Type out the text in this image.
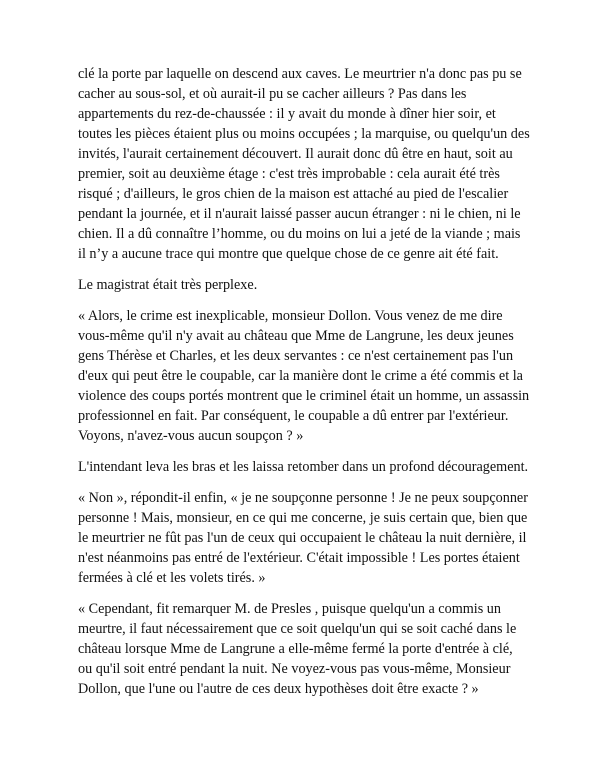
clé la porte par laquelle on descend aux caves. Le meurtrier n'a donc pas pu se cacher au sous-sol, et où aurait-il pu se cacher ailleurs ? Pas dans les appartements du rez-de-chaussée : il y avait du monde à dîner hier soir, et toutes les pièces étaient plus ou moins occupées ; la marquise, ou quelqu'un des invités, l'aurait certainement découvert. Il aurait donc dû être en haut, soit au premier, soit au deuxième étage : c'est très improbable : cela aurait été très risqué ; d'ailleurs, le gros chien de la maison est attaché au pied de l'escalier pendant la journée, et il n'aurait laissé passer aucun étranger : ni le chien, ni le chien. Il a dû connaître l’homme, ou du moins on lui a jeté de la viande ; mais il n’y a aucune trace qui montre que quelque chose de ce genre ait été fait.

Le magistrat était très perplexe.

« Alors, le crime est inexplicable, monsieur Dollon. Vous venez de me dire vous-même qu'il n'y avait au château que Mme de Langrune, les deux jeunes gens Thérèse et Charles, et les deux servantes : ce n'est certainement pas l'un d'eux qui peut être le coupable, car la manière dont le crime a été commis et la violence des coups portés montrent que le criminel était un homme, un assassin professionnel en fait. Par conséquent, le coupable a dû entrer par l'extérieur. Voyons, n'avez-vous aucun soupçon ? »

L'intendant leva les bras et les laissa retomber dans un profond découragement.

« Non », répondit-il enfin, « je ne soupçonne personne ! Je ne peux soupçonner personne ! Mais, monsieur, en ce qui me concerne, je suis certain que, bien que le meurtrier ne fût pas l'un de ceux qui occupaient le château la nuit dernière, il n'est néanmoins pas entré de l'extérieur. C'était impossible ! Les portes étaient fermées à clé et les volets tirés. »

« Cependant, fit remarquer M. de Presles , puisque quelqu'un a commis un meurtre, il faut nécessairement que ce soit quelqu'un qui se soit caché dans le château lorsque Mme de Langrune a elle-même fermé la porte d'entrée à clé, ou qu'il soit entré pendant la nuit. Ne voyez-vous pas vous-même, Monsieur Dollon, que l'une ou l'autre de ces deux hypothèses doit être exacte ? »
